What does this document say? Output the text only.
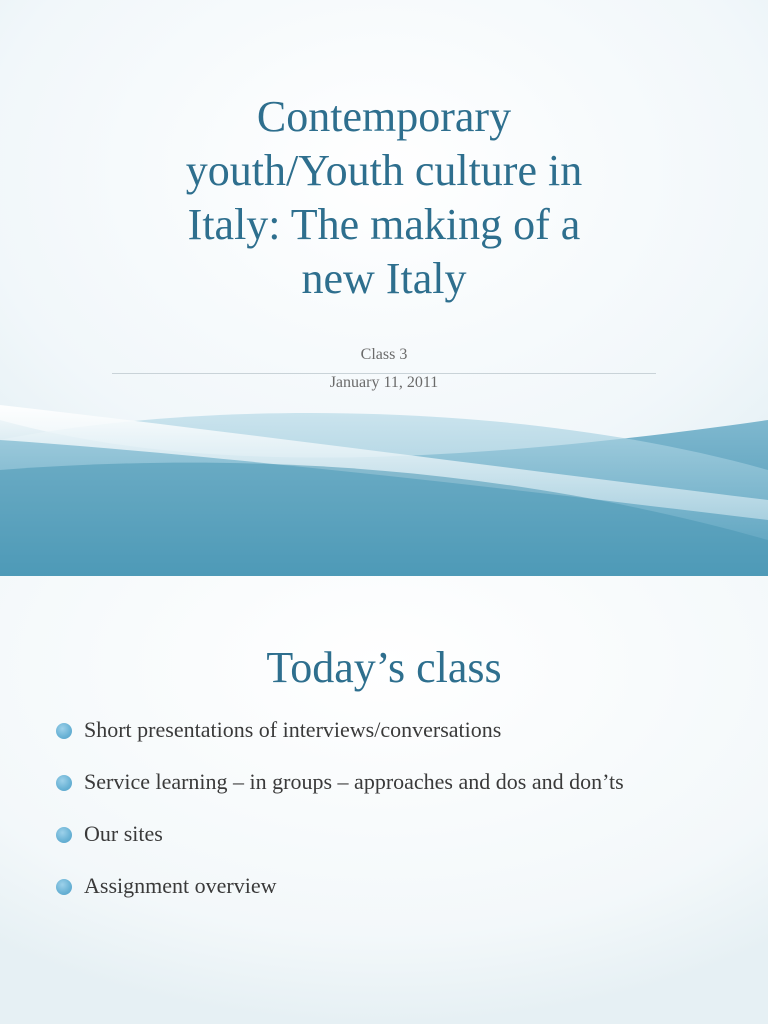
Contemporary
youth/Youth culture in
Italy: The making of a
new Italy
Class 3
January 11, 2011
Today’s class
Short presentations of interviews/conversations
Service learning – in groups – approaches and dos and don’ts
Our sites
Assignment overview
